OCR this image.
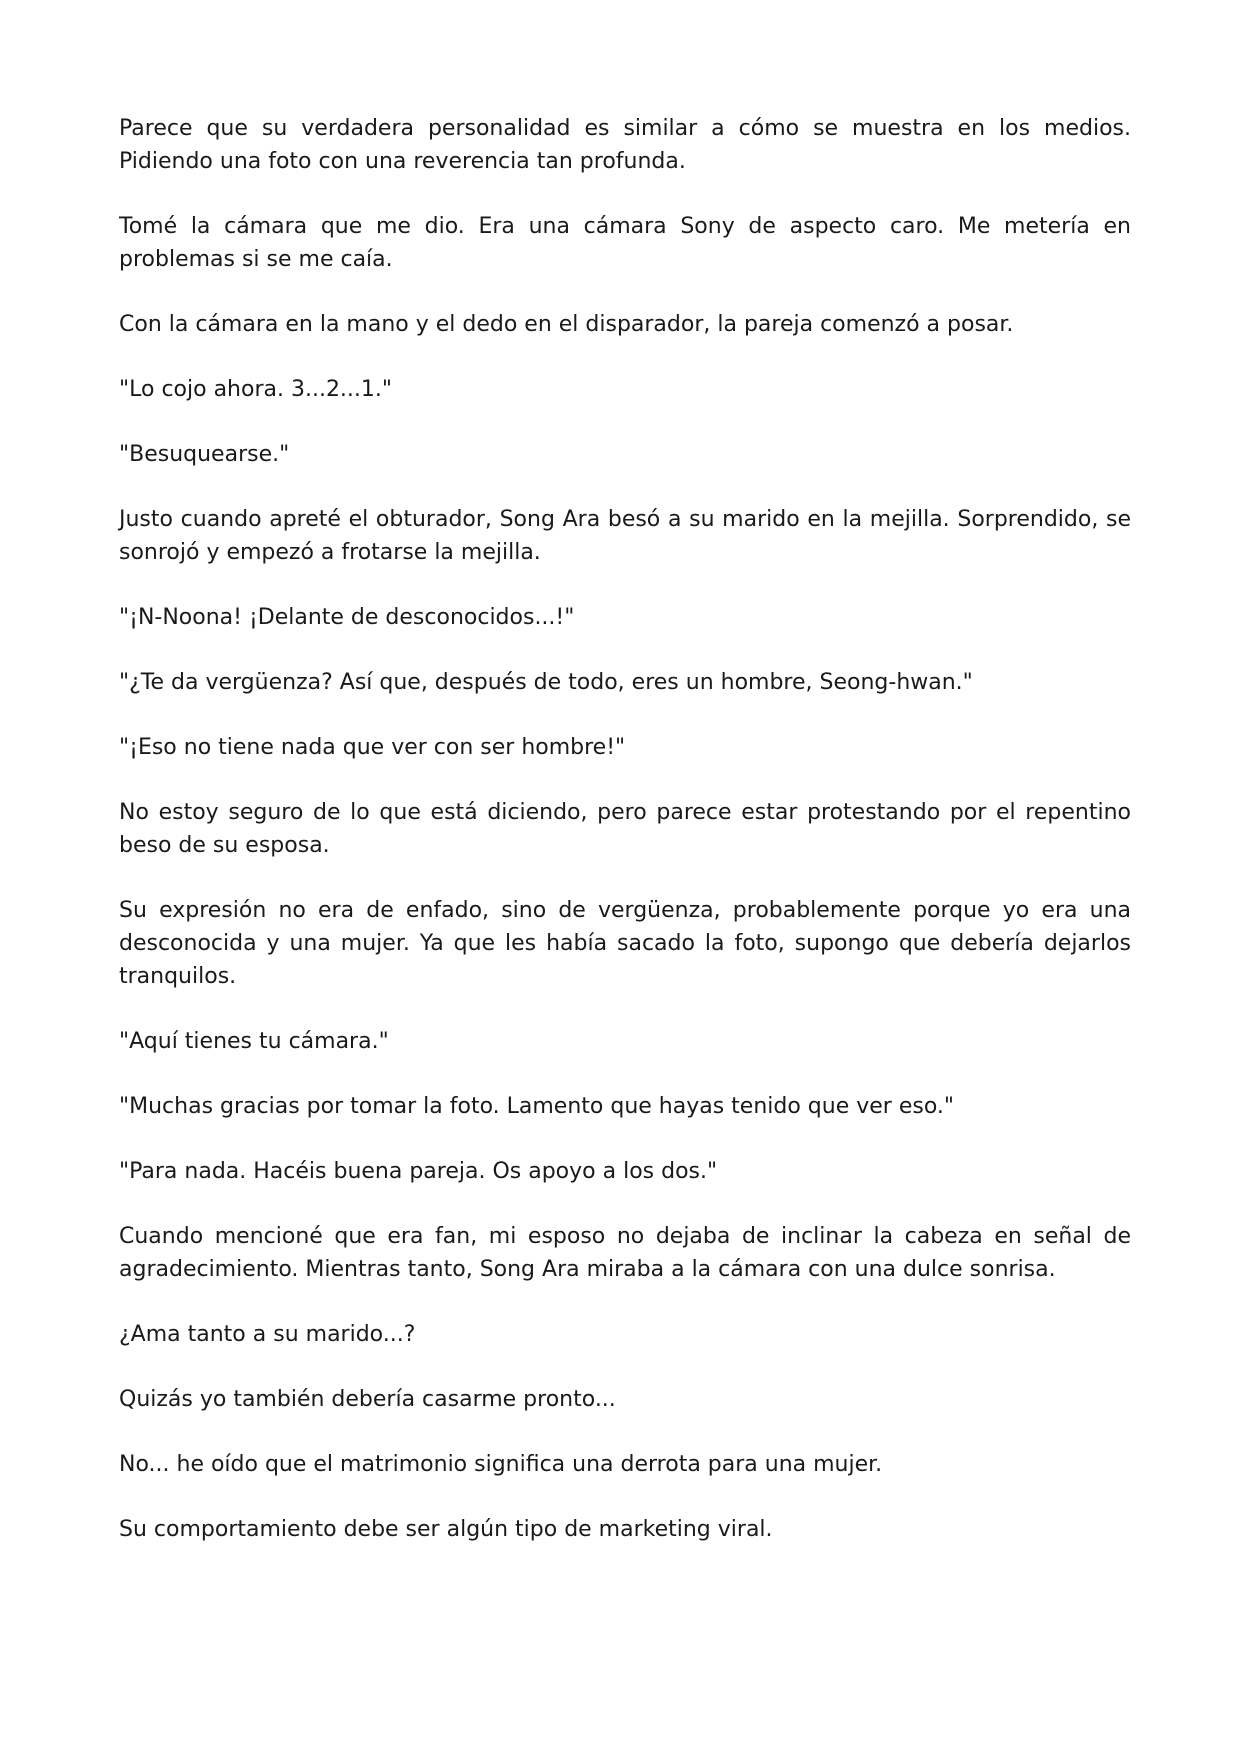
Parece que su verdadera personalidad es similar a cómo se muestra en los medios. Pidiendo una foto con una reverencia tan profunda.

Tomé la cámara que me dio. Era una cámara Sony de aspecto caro. Me metería en problemas si se me caía.

Con la cámara en la mano y el dedo en el disparador, la pareja comenzó a posar.

"Lo cojo ahora. 3...2...1."

"Besuquearse."

Justo cuando apreté el obturador, Song Ara besó a su marido en la mejilla. Sorprendido, se sonrojó y empezó a frotarse la mejilla.

"¡N-Noona! ¡Delante de desconocidos...!"

"¿Te da vergüenza? Así que, después de todo, eres un hombre, Seong-hwan."

"¡Eso no tiene nada que ver con ser hombre!"

No estoy seguro de lo que está diciendo, pero parece estar protestando por el repentino beso de su esposa.

Su expresión no era de enfado, sino de vergüenza, probablemente porque yo era una desconocida y una mujer. Ya que les había sacado la foto, supongo que debería dejarlos tranquilos.

"Aquí tienes tu cámara."

"Muchas gracias por tomar la foto. Lamento que hayas tenido que ver eso."

"Para nada. Hacéis buena pareja. Os apoyo a los dos."

Cuando mencioné que era fan, mi esposo no dejaba de inclinar la cabeza en señal de agradecimiento. Mientras tanto, Song Ara miraba a la cámara con una dulce sonrisa.

¿Ama tanto a su marido...?

Quizás yo también debería casarme pronto...

No... he oído que el matrimonio significa una derrota para una mujer.

Su comportamiento debe ser algún tipo de marketing viral.
